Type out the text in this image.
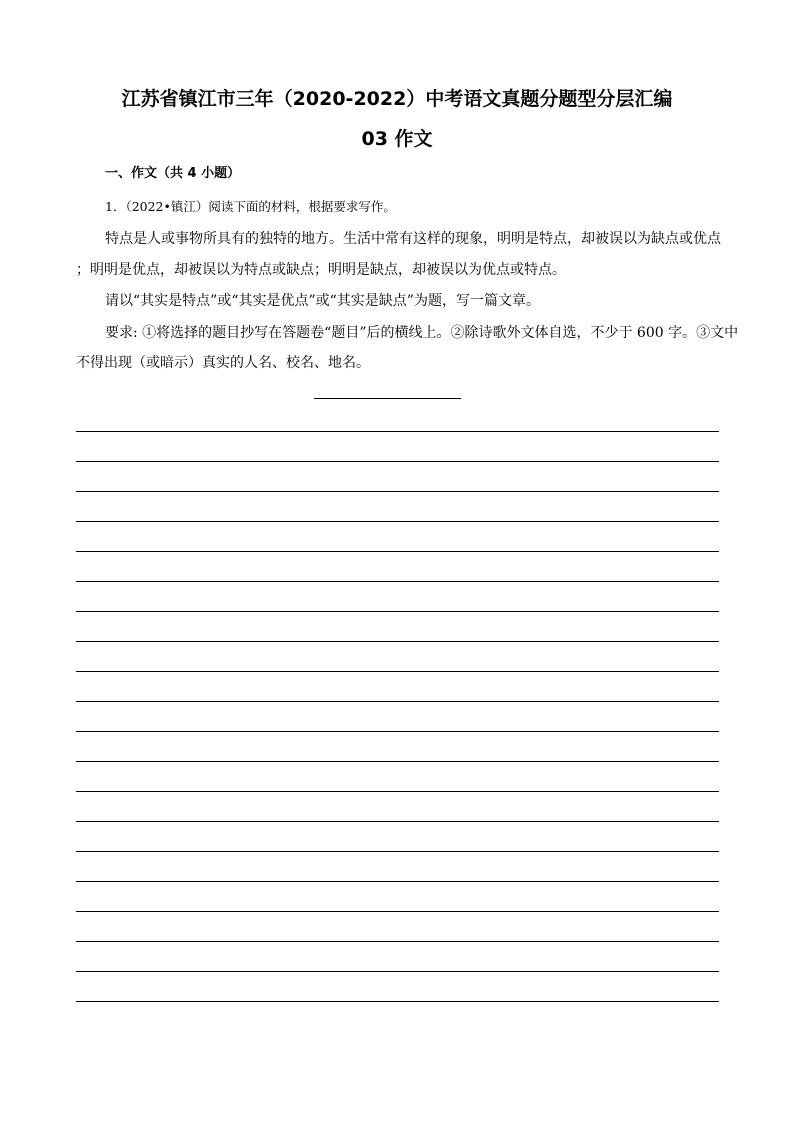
江苏省镇江市三年（2020-2022）中考语文真题分题型分层汇编
03 作文
一、作文（共 4 小题）
1．（2022•镇江）阅读下面的材料，根据要求写作。
特点是人或事物所具有的独特的地方。生活中常有这样的现象，明明是特点，却被误以为缺点或优点
；明明是优点，却被误以为特点或缺点；明明是缺点，却被误以为优点或特点。
请以“其实是特点”或“其实是优点”或“其实是缺点”为题，写一篇文章。
要求: ①将选择的题目抄写在答题卷“题目”后的横线上。②除诗歌外文体自选，不少于 600 字。③文中
不得出现（或暗示）真实的人名、校名、地名。
